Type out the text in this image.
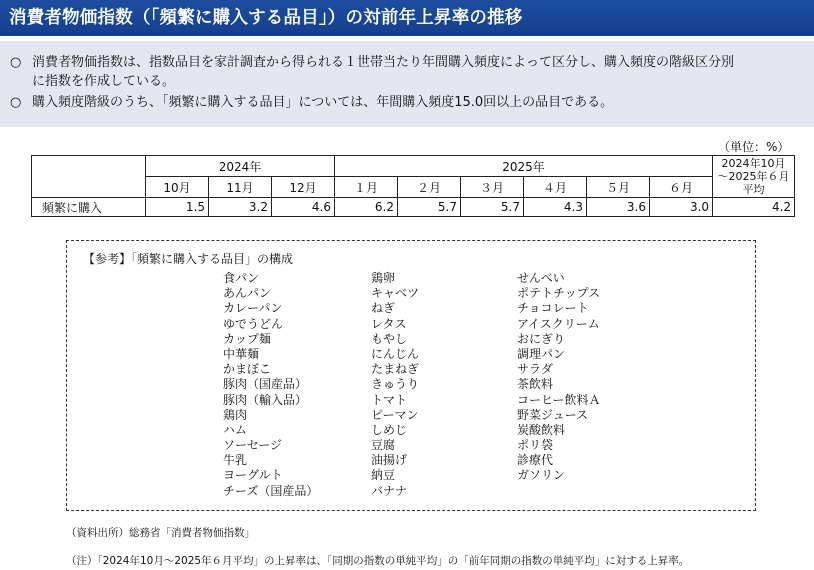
消費者物価指数（「頻繁に購入する品目」）の対前年上昇率の推移
○ 消費者物価指数は、指数品目を家計調査から得られる１世帯当たり年間購入頻度によって区分し、購入頻度の階級区分別
に指数を作成している。
○ 購入頻度階級のうち、「頻繁に購入する品目」については、年間購入頻度15.0回以上の品目である。
（単位：%）
	2024年			2025年						2024年10月
～2025年６月
平均

	10月	11月	12月	１月	２月	３月	４月	５月	６月	
頻繁に購入	1.5	3.2	4.6	6.2	5.7	5.7	4.3	3.6	3.0	4.2
【参考】「頻繁に購入する品目」の構成
食パン
あんパン
カレーパン
ゆでうどん
カップ麺
中華麺
かまぼこ
豚肉（国産品）
豚肉（輸入品）
鶏肉
ハム
ソーセージ
牛乳
ヨーグルト
チーズ（国産品）
鶏卵
キャベツ
ねぎ
レタス
もやし
にんじん
たまねぎ
きゅうり
トマト
ピーマン
しめじ
豆腐
油揚げ
納豆
バナナ
せんべい
ポテトチップス
チョコレート
アイスクリーム
おにぎり
調理パン
サラダ
茶飲料
コーヒー飲料Ａ
野菜ジュース
炭酸飲料
ポリ袋
診療代
ガソリン
（資料出所）総務省「消費者物価指数」
（注）「2024年10月～2025年６月平均」の上昇率は、「同期の指数の単純平均」の「前年同期の指数の単純平均」に対する上昇率。
